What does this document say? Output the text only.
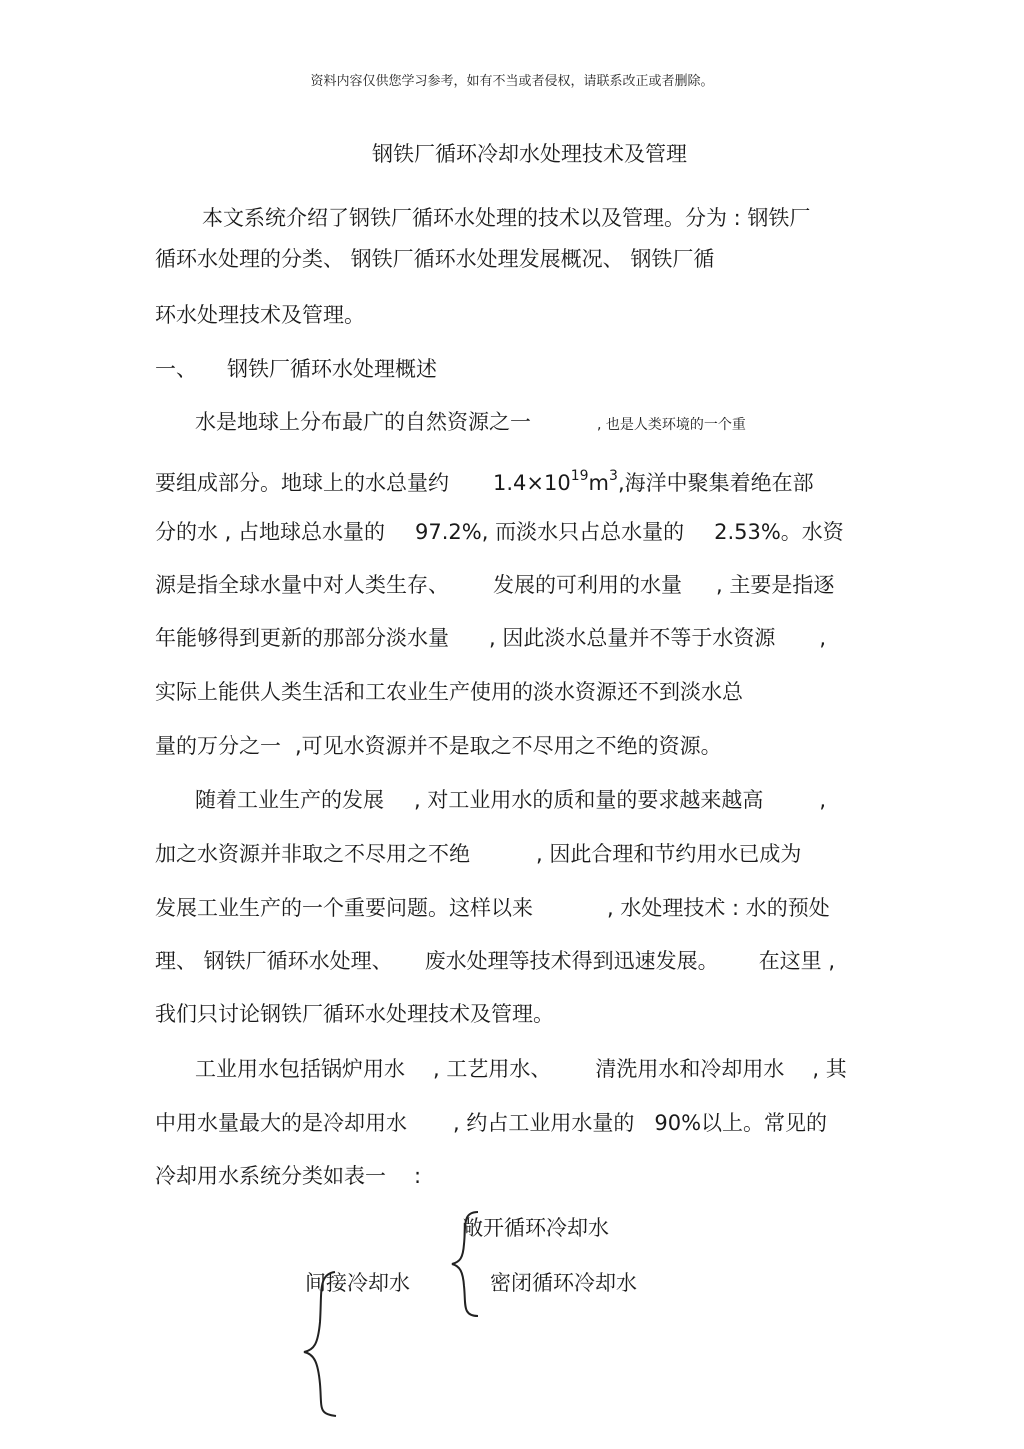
资料内容仅供您学习参考，如有不当或者侵权，请联系改正或者删除。
钢铁厂循环冷却水处理技术及管理
本文系统介绍了钢铁厂循环水处理的技术以及管理。分为 : 钢铁厂
循环水处理的分类、 钢铁厂循环水处理发展概况、 钢铁厂循
环水处理技术及管理。
一、 钢铁厂循环水处理概述
水是地球上分布最广的自然资源之一	, 也是人类环境的一个重
要组成部分。地球上的水总量约 $1.4\times 10^{19}m^3$,海洋中聚集着绝在部
分的水 , 占地球总水量的 97.2%, 而淡水只占总水量的 2.53%。水资
源是指全球水量中对人类生存、 发展的可利用的水量 , 主要是指逐
年能够得到更新的那部分淡水量 , 因此淡水总量并不等于水资源 ,
实际上能供人类生活和工农业生产使用的淡水资源还不到淡水总
量的万分之一 ,可见水资源并不是取之不尽用之不绝的资源。
随着工业生产的发展 , 对工业用水的质和量的要求越来越高	,
加之水资源并非取之不尽用之不绝	, 因此合理和节约用水已成为
发展工业生产的一个重要问题。这样以来	, 水处理技术 : 水的预处
理、 钢铁厂循环水处理、 废水处理等技术得到迅速发展。 在这里 ,
我们只讨论钢铁厂循环水处理技术及管理。
工业用水包括锅炉用水 , 工艺用水、 清洗用水和冷却用水 , 其
中用水量最大的是冷却用水 , 约占工业用水量的 90%以上。常见的
冷却用水系统分类如表一 :
敞开循环冷却水
间接冷却水	密闭循环冷却水
